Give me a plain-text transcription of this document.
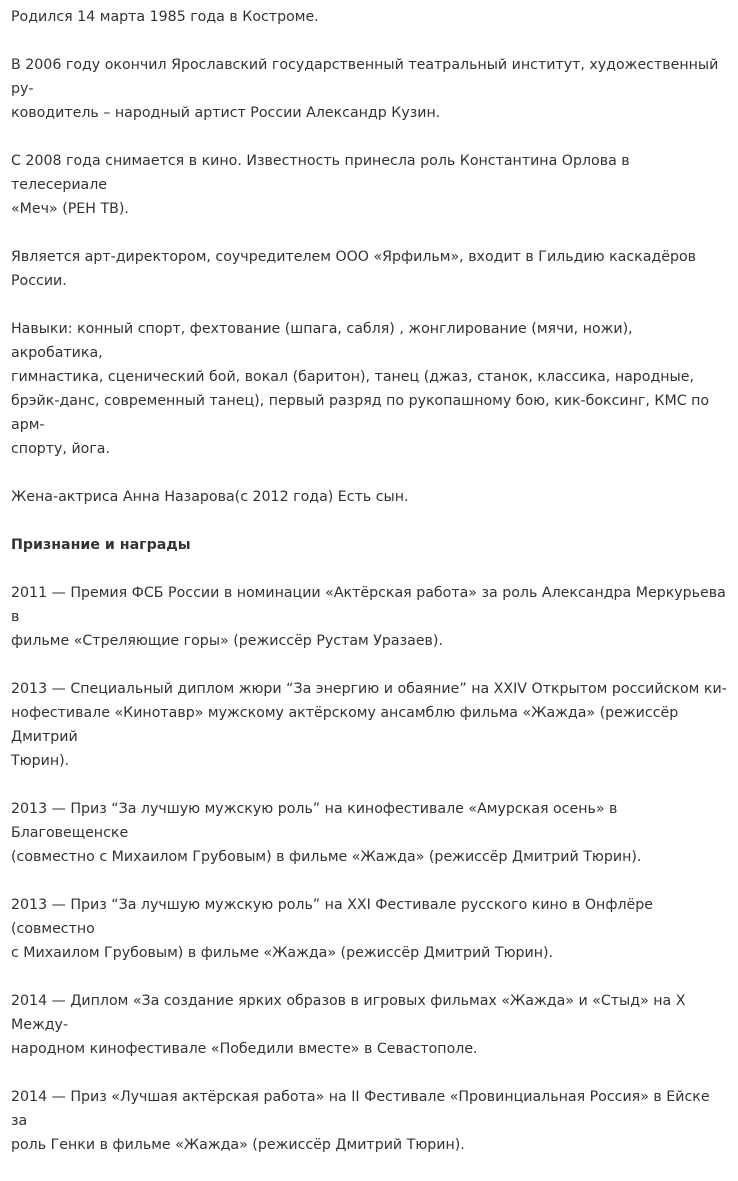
Родился 14 марта 1985 года в Костроме.

В 2006 году окончил Ярославский государственный театральный институт, художественный ру-
ководитель – народный артист России Александр Кузин.

С 2008 года снимается в кино. Известность принесла роль Константина Орлова в телесериале
«Меч» (РЕН ТВ).

Является арт-директором, соучредителем ООО «Ярфильм», входит в Гильдию каскадёров России.

Навыки: конный спорт, фехтование (шпага, сабля) , жонглирование (мячи, ножи), акробатика,
гимнастика, сценический бой, вокал (баритон), танец (джаз, станок, классика, народные,
брэйк-данс, современный танец), первый разряд по рукопашному бою, кик-боксинг, КМС по арм-
спорту, йога.

Жена-актриса Анна Назарова(с 2012 года) Есть сын.

Признание и награды

2011 — Премия ФСБ России в номинации «Актёрская работа» за роль Александра Меркурьева в
фильме «Стреляющие горы» (режиссёр Рустам Уразаев).

2013 — Специальный диплом жюри “За энергию и обаяние” на XXIV Открытом российском ки-
нофестивале «Кинотавр» мужскому актёрскому ансамблю фильма «Жажда» (режиссёр Дмитрий
Тюрин).

2013 — Приз “За лучшую мужскую роль” на кинофестивале «Амурская осень» в Благовещенске
(совместно с Михаилом Грубовым) в фильме «Жажда» (режиссёр Дмитрий Тюрин).

2013 — Приз “За лучшую мужскую роль” на XXI Фестивале русского кино в Онфлёре (совместно
с Михаилом Грубовым) в фильме «Жажда» (режиссёр Дмитрий Тюрин).

2014 — Диплом «За создание ярких образов в игровых фильмах «Жажда» и «Стыд» на X Между-
народном кинофестивале «Победили вместе» в Севастополе.

2014 — Приз «Лучшая актёрская работа» на II Фестивале «Провинциальная Россия» в Ейске за
роль Генки в фильме «Жажда» (режиссёр Дмитрий Тюрин).
